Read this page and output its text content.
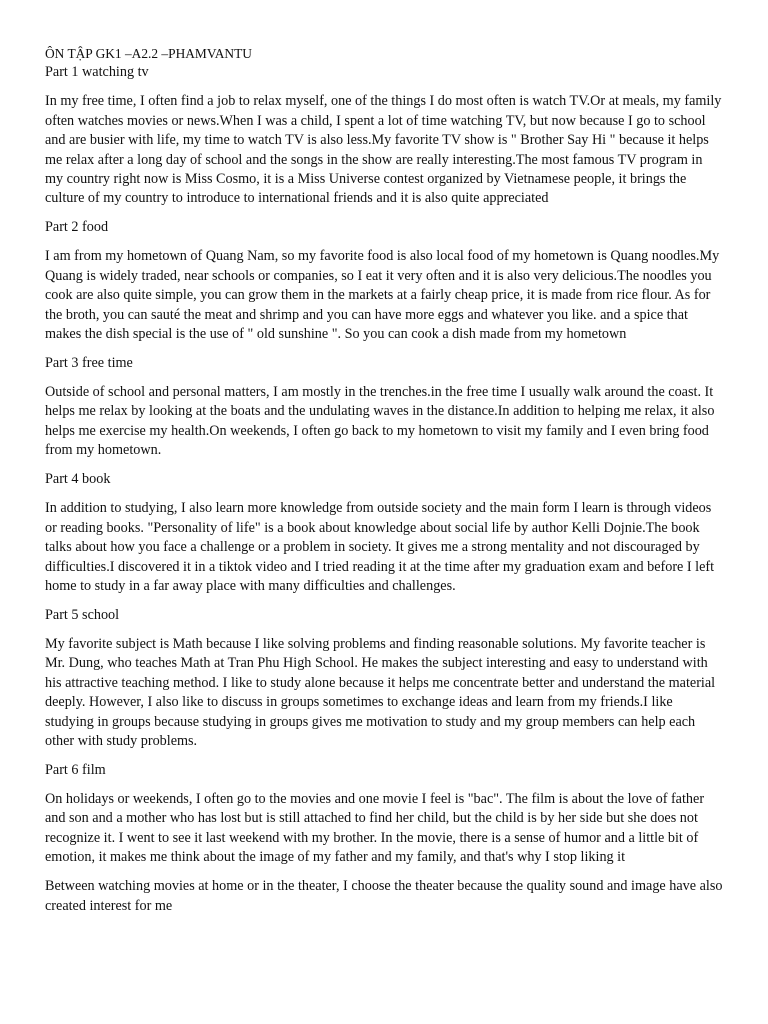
ÔN TẬP GK1 –A2.2 –PHAMVANTU

Part 1 watching tv

In my free time, I often find a job to relax myself, one of the things I do most often is watch TV.Or at meals, my family often watches movies or news.When I was a child, I spent a lot of time watching TV, but now because I go to school and are busier with life, my time to watch TV is also less.My favorite TV show is " Brother Say Hi " because it helps me relax after a long day of school and the songs in the show are really interesting.The most famous TV program in my country right now is Miss Cosmo, it is a Miss Universe contest organized by Vietnamese people, it brings the culture of my country to introduce to international friends and it is also quite appreciated

Part 2 food

I am from my hometown of Quang Nam, so my favorite food is also local food of my hometown is Quang noodles.My Quang is widely traded, near schools or companies, so I eat it very often and it is also very delicious.The noodles you cook are also quite simple, you can grow them in the markets at a fairly cheap price, it is made from rice flour. As for the broth, you can sauté the meat and shrimp and you can have more eggs and whatever you like. and a spice that makes the dish special is the use of " old sunshine ". So you can cook a dish made from my hometown

Part 3 free time

Outside of school and personal matters, I am mostly in the trenches.in the free time I usually walk around the coast. It helps me relax by looking at the boats and the undulating waves in the distance.In addition to helping me relax, it also helps me exercise my health.On weekends, I often go back to my hometown to visit my family and I even bring food from my hometown.

Part 4 book

In addition to studying, I also learn more knowledge from outside society and the main form I learn is through videos or reading books. "Personality of life" is a book about knowledge about social life by author Kelli Dojnie.The book talks about how you face a challenge or a problem in society. It gives me a strong mentality and not discouraged by difficulties.I discovered it in a tiktok video and I tried reading it at the time after my graduation exam and before I left home to study in a far away place with many difficulties and challenges.

Part 5 school

My favorite subject is Math because I like solving problems and finding reasonable solutions. My favorite teacher is Mr. Dung, who teaches Math at Tran Phu High School. He makes the subject interesting and easy to understand with his attractive teaching method. I like to study alone because it helps me concentrate better and understand the material deeply. However, I also like to discuss in groups sometimes to exchange ideas and learn from my friends.I like studying in groups because studying in groups gives me motivation to study and my group members can help each other with study problems.

Part 6 film

On holidays or weekends, I often go to the movies and one movie I feel is "bac". The film is about the love of father and son and a mother who has lost but is still attached to find her child, but the child is by her side but she does not recognize it. I went to see it last weekend with my brother. In the movie, there is a sense of humor and a little bit of emotion, it makes me think about the image of my father and my family, and that's why I stop liking it

Between watching movies at home or in the theater, I choose the theater because the quality sound and image have also created interest for me
